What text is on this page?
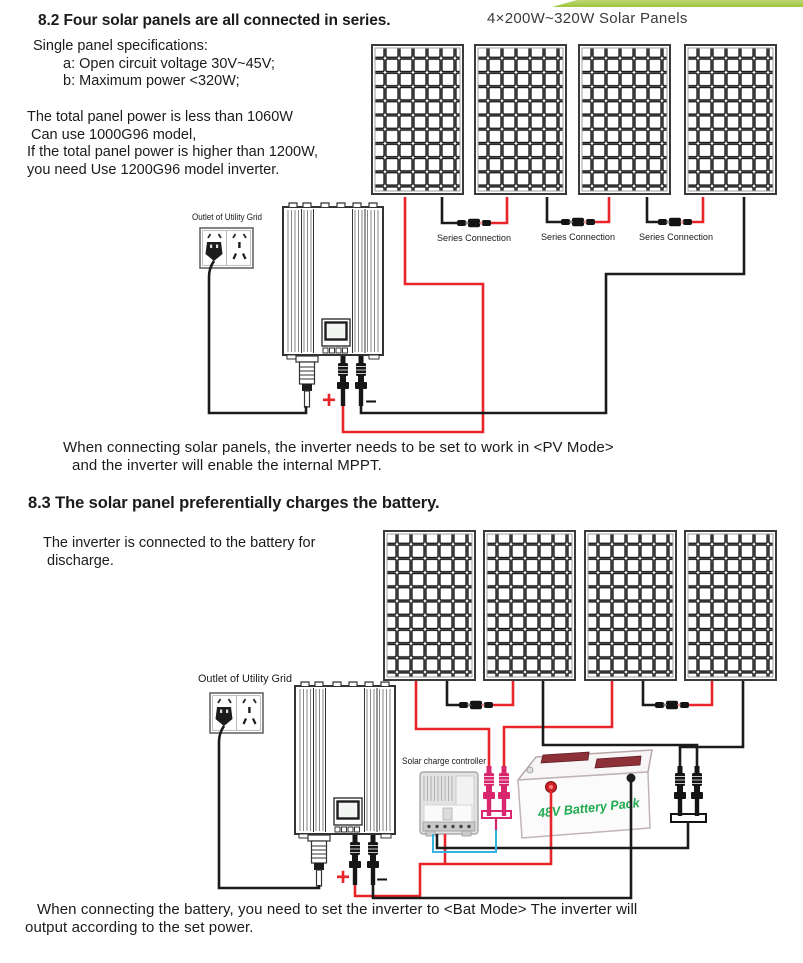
8.2 Four solar panels are all connected in series.	4×200W~320W Solar Panels
Single panel specifications:
a: Open circuit voltage 30V~45V;
b: Maximum power <320W;
The total panel power is less than 1060W
Can use 1000G96 model,
If the total panel power is higher than 1200W,
you need Use 1200G96 model inverter.
When connecting solar panels, the inverter needs to be set to work in <PV Mode>
and the inverter will enable the internal MPPT.
8.3 The solar panel preferentially charges the battery.
The inverter is connected to the battery for
discharge.
When connecting the battery, you need to set the inverter to <Bat Mode> The inverter will
output according to the set power.
Outlet of Utility Grid
Series Connection	Series Connection	Series Connection
+ –
48V Battery Pack
Outlet of Utility Grid
Solar charge controller
+ –
